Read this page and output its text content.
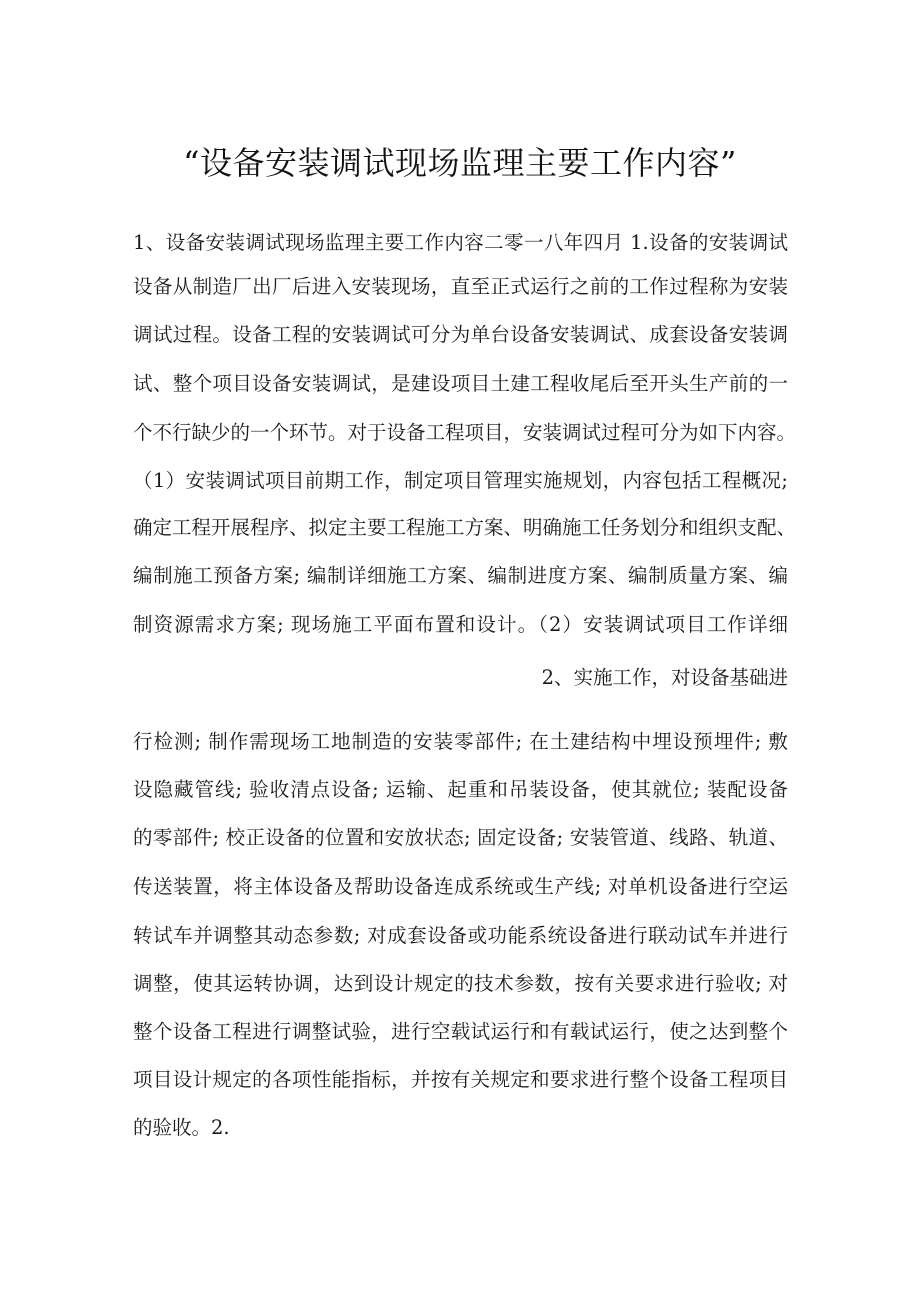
“设备安装调试现场监理主要工作内容”
1、设备安装调试现场监理主要工作内容二零一八年四月 1.设备的安装调试
设备从制造厂出厂后进入安装现场，直至正式运行之前的工作过程称为安装
调试过程。设备工程的安装调试可分为单台设备安装调试、成套设备安装调
试、整个项目设备安装调试，是建设项目土建工程收尾后至开头生产前的一
个不行缺少的一个环节。对于设备工程项目，安装调试过程可分为如下内容。
（1）安装调试项目前期工作，制定项目管理实施规划，内容包括工程概况;
确定工程开展程序、拟定主要工程施工方案、明确施工任务划分和组织支配、
编制施工预备方案; 编制详细施工方案、编制进度方案、编制质量方案、编
制资源需求方案; 现场施工平面布置和设计。（2）安装调试项目工作详细
2、实施工作，对设备基础进
行检测; 制作需现场工地制造的安装零部件; 在土建结构中埋设预埋件; 敷
设隐藏管线; 验收清点设备; 运输、起重和吊装设备，使其就位; 装配设备
的零部件; 校正设备的位置和安放状态; 固定设备; 安装管道、线路、轨道、
传送装置，将主体设备及帮助设备连成系统或生产线; 对单机设备进行空运
转试车并调整其动态参数; 对成套设备或功能系统设备进行联动试车并进行
调整，使其运转协调，达到设计规定的技术参数，按有关要求进行验收; 对
整个设备工程进行调整试验，进行空载试运行和有载试运行，使之达到整个
项目设计规定的各项性能指标，并按有关规定和要求进行整个设备工程项目
的验收。2.
